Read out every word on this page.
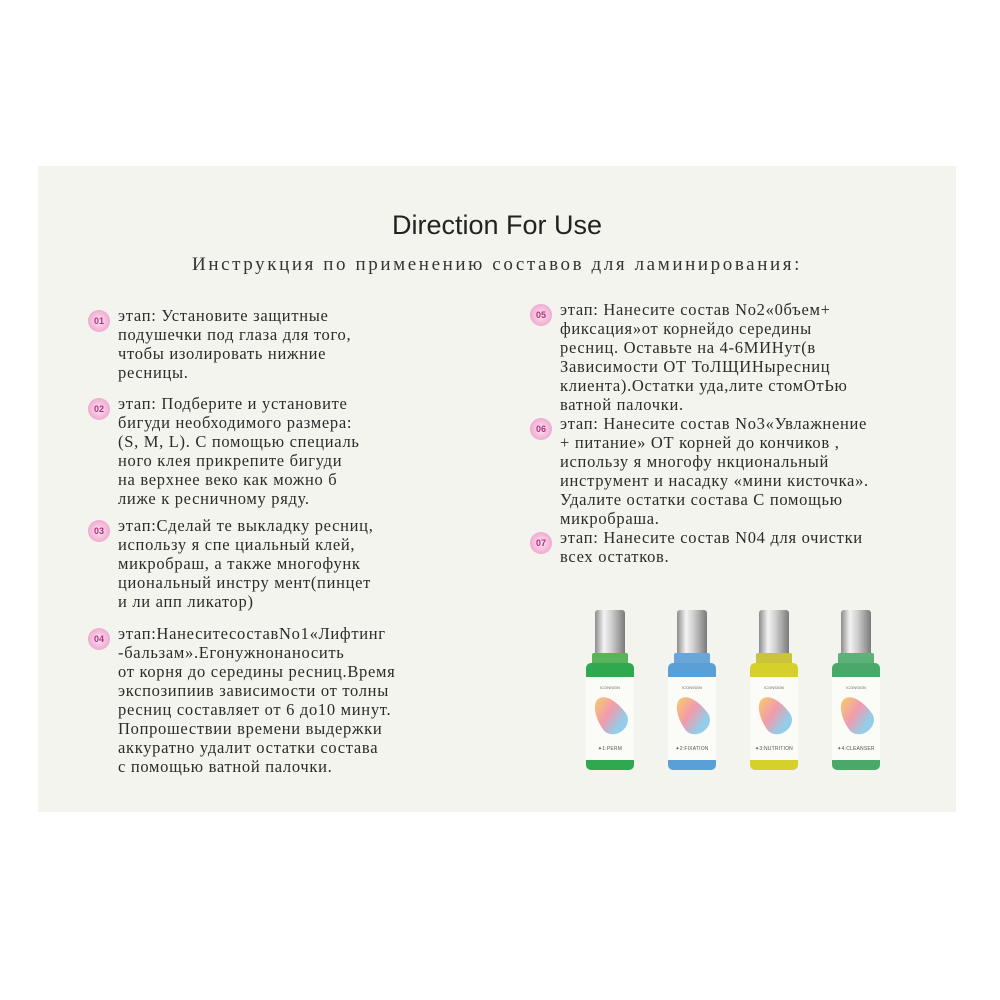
Direction For Use
Инструкция по применению составов для ламинирования:
01 этап: Установите защитные
подушечки под глаза для того,
чтобы изолировать нижние
ресницы.
02 этап: Подберите и установите
бигуди необходимого размера:
(S, M, L). С помощью специаль
ного клея прикрепите бигуди
на верхнее веко как можно б
лиже к ресничному ряду.
03 этап:Сделай те выкладку ресниц,
использу я спе циальный клей,
микробраш, а также многофунк
циональный инстру мент(пинцет
и ли апп ликатор)
04 этап:НанеситесоставNo1«Лифтинг
-бальзам».Егонужнонаносить
от корня до середины ресниц.Время
экспозипиив зависимости от толны
ресниц составляет от 6 до10 минут.
Попрошествии времени выдержки
аккуратно удалит остатки состава
с помощью ватной палочки.
05 этап: Нанесите состав No2«0бъем+
фиксация»от корнейдо середины
ресниц. Оставьте на 4-6МИНут(в
Зависимости ОТ ТоЛЩИНыресниц
клиента).Остатки уда,лите стомОтЬю
ватной палочки.
06 этап: Нанесите состав No3«Увлажнение
+ питание» ОТ корней до кончиков ,
использу я многофу нкциональный
инструмент и насадку «мини кисточка».
Удалите остатки состава С помощью
микробраша.
07 этап: Нанесите состав N04 для очистки
всех остатков.
ICONSIGN
✦1:PERM
ICONSIGN
✦2:FIXATION
ICONSIGN
✦3:NUTRITION
ICONSIGN
✦4:CLEANSER
